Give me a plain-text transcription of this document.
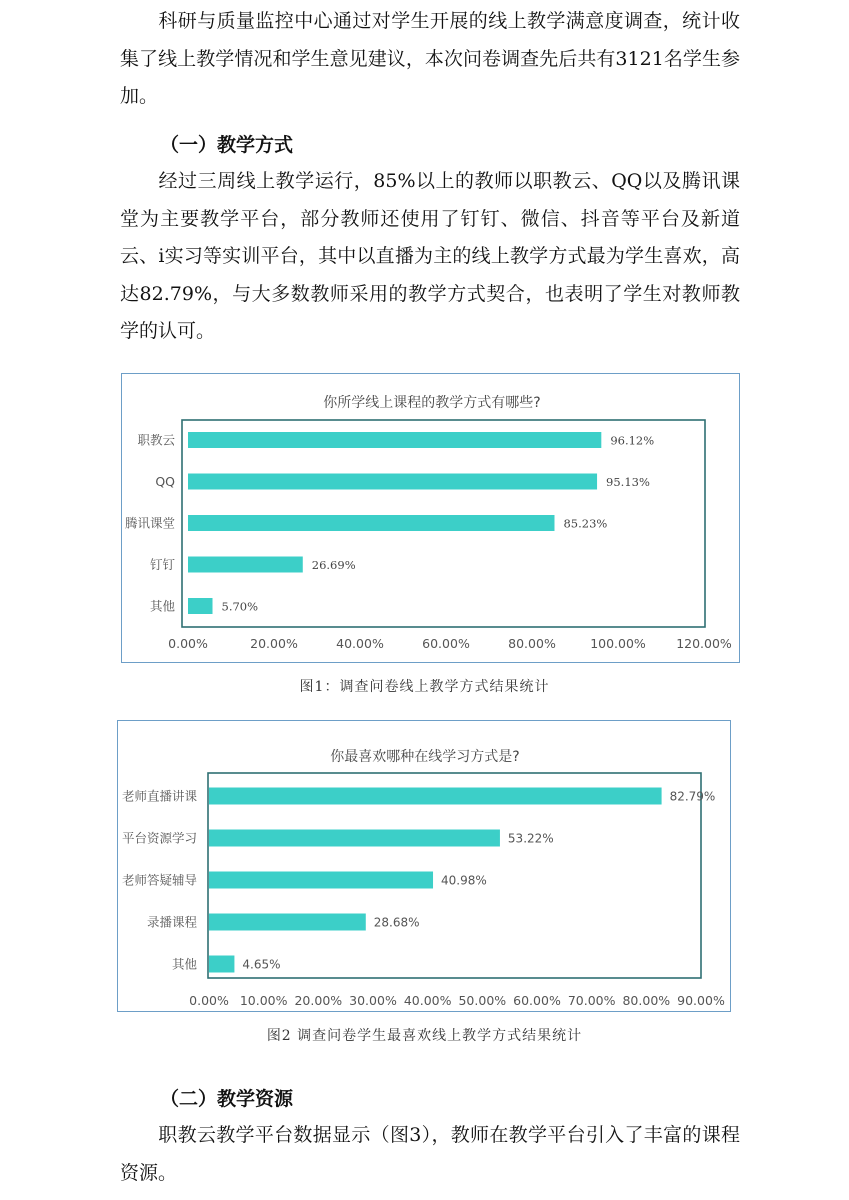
科研与质量监控中心通过对学生开展的线上教学满意度调查，统计收集了线上教学情况和学生意见建议，本次问卷调查先后共有3121名学生参加。

（一）教学方式

经过三周线上教学运行，85%以上的教师以职教云、QQ以及腾讯课堂为主要教学平台，部分教师还使用了钉钉、微信、抖音等平台及新道云、i实习等实训平台，其中以直播为主的线上教学方式最为学生喜欢，高达82.79%，与大多数教师采用的教学方式契合，也表明了学生对教师教学的认可。

你所学线上课程的教学方式有哪些?
职教云	96.12%
QQ	95.13%
腾讯课堂	85.23%
钉钉	26.69%
其他	5.70%
0.00%	20.00%	40.00%	60.00%	80.00%	100.00% 120.00%
图1：调查问卷线上教学方式结果统计
你最喜欢哪种在线学习方式是?
老师直播讲课	82.79%
平台资源学习	53.22%
老师答疑辅导	40.98%
录播课程	28.68%
其他	4.65%
0.00% 10.00% 20.00% 30.00% 40.00% 50.00% 60.00% 70.00% 80.00% 90.00%
图2 调查问卷学生最喜欢线上教学方式结果统计
（二）教学资源

职教云教学平台数据显示（图3），教师在教学平台引入了丰富的课程资源。
